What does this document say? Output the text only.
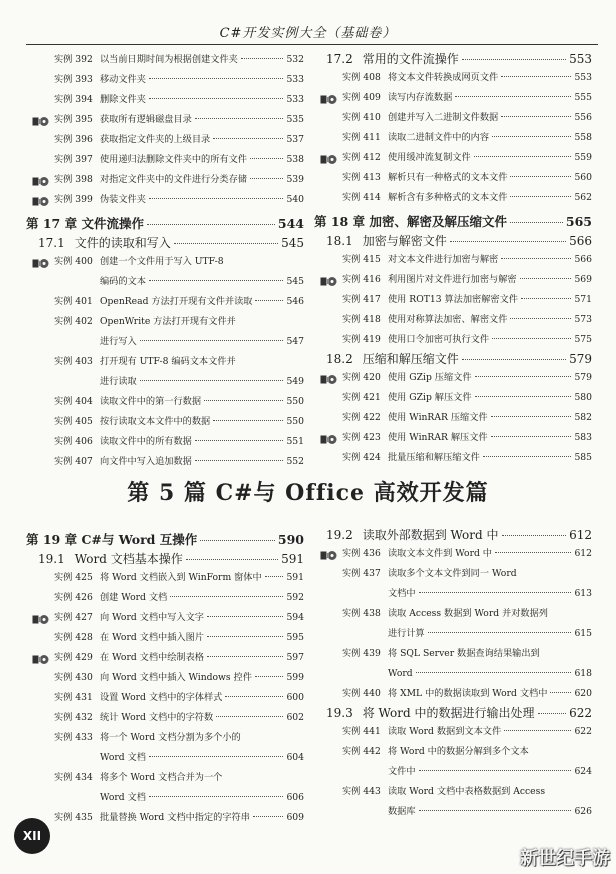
C#开发实例大全（基础卷）
实例 392 以当前日期时间为根据创建文件夹	532
实例 393 移动文件夹	533
实例 394 删除文件夹	533
实例 395 获取所有逻辑磁盘目录	535
实例 396 获取指定文件夹的上级目录	537
实例 397 使用递归法删除文件夹中的所有文件	538
实例 398 对指定文件夹中的文件进行分类存储	539
实例 399 伪装文件夹	540
第 17 章 文件流操作	544
17.1 文件的读取和写入	545
实例 400 创建一个文件用于写入 UTF-8
编码的文本	545
实例 401 OpenRead 方法打开现有文件并读取	546
实例 402 OpenWrite 方法打开现有文件并
进行写入	547
实例 403 打开现有 UTF-8 编码文本文件并
进行读取	549
实例 404 读取文件中的第一行数据	550
实例 405 按行读取文本文件中的数据	550
实例 406 读取文件中的所有数据	551
实例 407 向文件中写入追加数据	552
17.2 常用的文件流操作	553
实例 408 将文本文件转换成网页文件	553
实例 409 读写内存流数据	555
实例 410 创建并写入二进制文件数据	556
实例 411 读取二进制文件中的内容	558
实例 412 使用缓冲流复制文件	559
实例 413 解析只有一种格式的文本文件	560
实例 414 解析含有多种格式的文本文件	562
第 18 章 加密、解密及解压缩文件	565
18.1 加密与解密文件	566
实例 415 对文本文件进行加密与解密	566
实例 416 利用图片对文件进行加密与解密	569
实例 417 使用 ROT13 算法加密解密文件	571
实例 418 使用对称算法加密、解密文件	573
实例 419 使用口令加密可执行文件	575
18.2 压缩和解压缩文件	579
实例 420 使用 GZip 压缩文件	579
实例 421 使用 GZip 解压文件	580
实例 422 使用 WinRAR 压缩文件	582
实例 423 使用 WinRAR 解压文件	583
实例 424 批量压缩和解压缩文件	585
第 5 篇 C#与 Office 高效开发篇
第 19 章 C#与 Word 互操作	590
19.1 Word 文档基本操作	591
实例 425 将 Word 文档嵌入到 WinForm 窗体中	591
实例 426 创建 Word 文档	592
实例 427 向 Word 文档中写入文字	594
实例 428 在 Word 文档中插入图片	595
实例 429 在 Word 文档中绘制表格	597
实例 430 向 Word 文档中插入 Windows 控件	599
实例 431 设置 Word 文档中的字体样式	600
实例 432 统计 Word 文档中的字符数	602
实例 433 将一个 Word 文档分割为多个小的
Word 文档	604
实例 434 将多个 Word 文档合并为一个
Word 文档	606
实例 435 批量替换 Word 文档中指定的字符串	609
19.2 读取外部数据到 Word 中	612
实例 436 读取文本文件到 Word 中	612
实例 437 读取多个文本文件到同一 Word
文档中	613
实例 438 读取 Access 数据到 Word 并对数据列
进行计算	615
实例 439 将 SQL Server 数据查询结果输出到
Word	618
实例 440 将 XML 中的数据读取到 Word 文档中	620
19.3 将 Word 中的数据进行输出处理	622
实例 441 读取 Word 数据到文本文件	622
实例 442 将 Word 中的数据分解到多个文本
文件中	624
实例 443 读取 Word 文档中表格数据到 Access
数据库	626
XII
新世纪手游
